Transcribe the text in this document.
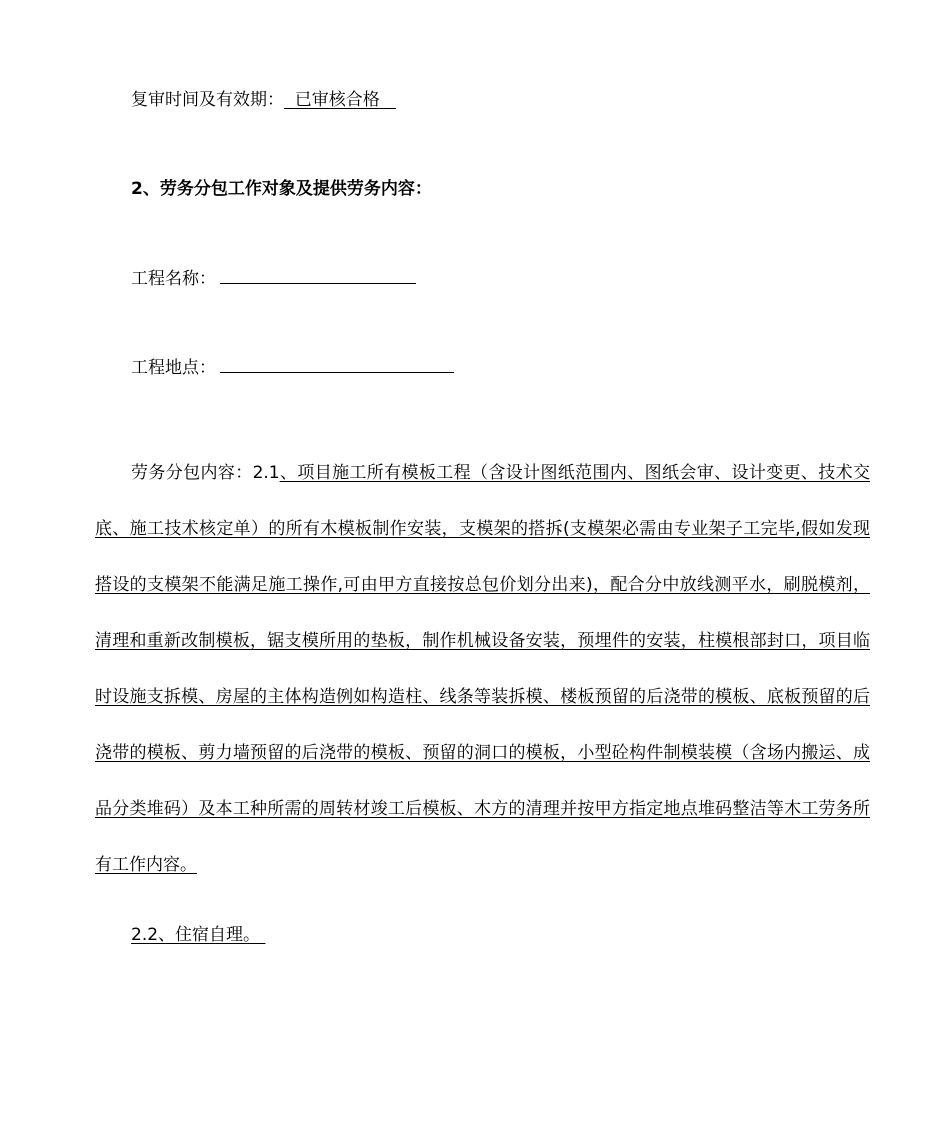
复审时间及有效期： 已审核合格
2、劳务分包工作对象及提供劳务内容：
工程名称：
工程地点：
劳务分包内容：2.1、项目施工所有模板工程（含设计图纸范围内、图纸会审、设计变更、技术交底、施工技术核定单）的所有木模板制作安装，支模架的搭拆(支模架必需由专业架子工完毕,假如发现搭设的支模架不能满足施工操作,可由甲方直接按总包价划分出来)，配合分中放线测平水，刷脱模剂，清理和重新改制模板，锯支模所用的垫板，制作机械设备安装，预埋件的安装，柱模根部封口，项目临时设施支拆模、房屋的主体构造例如构造柱、线条等装拆模、楼板预留的后浇带的模板、底板预留的后浇带的模板、剪力墙预留的后浇带的模板、预留的洞口的模板，小型砼构件制模装模（含场内搬运、成品分类堆码）及本工种所需的周转材竣工后模板、木方的清理并按甲方指定地点堆码整洁等木工劳务所有工作内容。
2.2、住宿自理。
